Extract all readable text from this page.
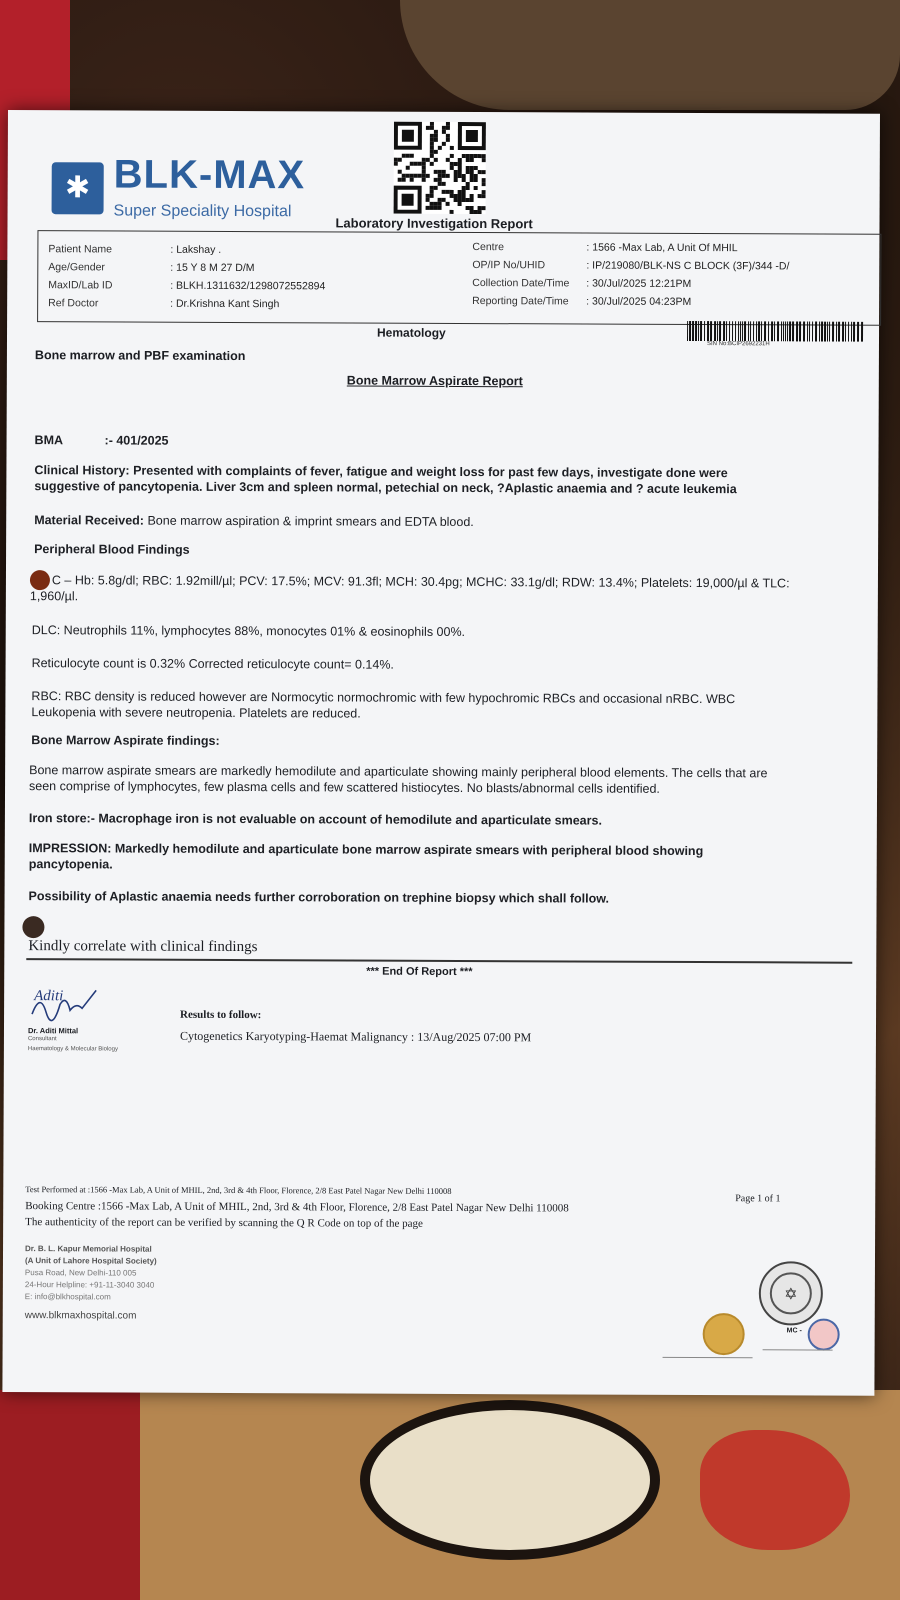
✱ BLK-MAX
Super Speciality Hospital
Laboratory Investigation Report
Patient Name	: Lakshay .
Age/Gender	: 15 Y 8 M 27 D/M
MaxID/Lab ID	: BLKH.1311632/1298072552894
Ref Doctor	: Dr.Krishna Kant Singh
Centre	: 1566 -Max Lab, A Unit Of MHIL
OP/IP No/UHID	: IP/219080/BLK-NS C BLOCK (3F)/344 -D/
Collection Date/Time : 30/Jul/2025 12:21PM
Reporting Date/Time : 30/Jul/2025 04:23PM
Hematology
SIN No:BCIP2692231H
Bone marrow and PBF examination
Bone Marrow Aspirate Report
BMA	:- 401/2025
Clinical History: Presented with complaints of fever, fatigue and weight loss for past few days, investigate done were
suggestive of pancytopenia. Liver 3cm and spleen normal, petechial on neck, ?Aplastic anaemia and ? acute leukemia
Material Received: Bone marrow aspiration & imprint smears and EDTA blood.
Peripheral Blood Findings
C – Hb: 5.8g/dl; RBC: 1.92mill/µl; PCV: 17.5%; MCV: 91.3fl; MCH: 30.4pg; MCHC: 33.1g/dl; RDW: 13.4%; Platelets: 19,000/µl & TLC:
1,960/µl.
DLC: Neutrophils 11%, lymphocytes 88%, monocytes 01% & eosinophils 00%.
Reticulocyte count is 0.32% Corrected reticulocyte count= 0.14%.
RBC: RBC density is reduced however are Normocytic normochromic with few hypochromic RBCs and occasional nRBC. WBC
Leukopenia with severe neutropenia. Platelets are reduced.
Bone Marrow Aspirate findings:
Bone marrow aspirate smears are markedly hemodilute and aparticulate showing mainly peripheral blood elements. The cells that are
seen comprise of lymphocytes, few plasma cells and few scattered histiocytes. No blasts/abnormal cells identified.
Iron store:- Macrophage iron is not evaluable on account of hemodilute and aparticulate smears.
IMPRESSION: Markedly hemodilute and aparticulate bone marrow aspirate smears with peripheral blood showing
pancytopenia.
Possibility of Aplastic anaemia needs further corroboration on trephine biopsy which shall follow.
Kindly correlate with clinical findings
*** End Of Report ***
Aditi
Dr. Aditi Mittal
Consultant
Haematology & Molecular Biology
Results to follow:
Cytogenetics Karyotyping-Haemat Malignancy : 13/Aug/2025 07:00 PM
Test Performed at :1566 -Max Lab, A Unit of MHIL, 2nd, 3rd & 4th Floor, Florence, 2/8 East Patel Nagar New Delhi 110008
Booking Centre :1566 -Max Lab, A Unit of MHIL, 2nd, 3rd & 4th Floor, Florence, 2/8 East Patel Nagar New Delhi 110008
The authenticity of the report can be verified by scanning the Q R Code on top of the page
Page 1 of 1
Dr. B. L. Kapur Memorial Hospital
(A Unit of Lahore Hospital Society)
Pusa Road, New Delhi-110 005
24-Hour Helpline: +91-11-3040 3040
E: info@blkhospital.com
www.blkmaxhospital.com
✡
MC -
